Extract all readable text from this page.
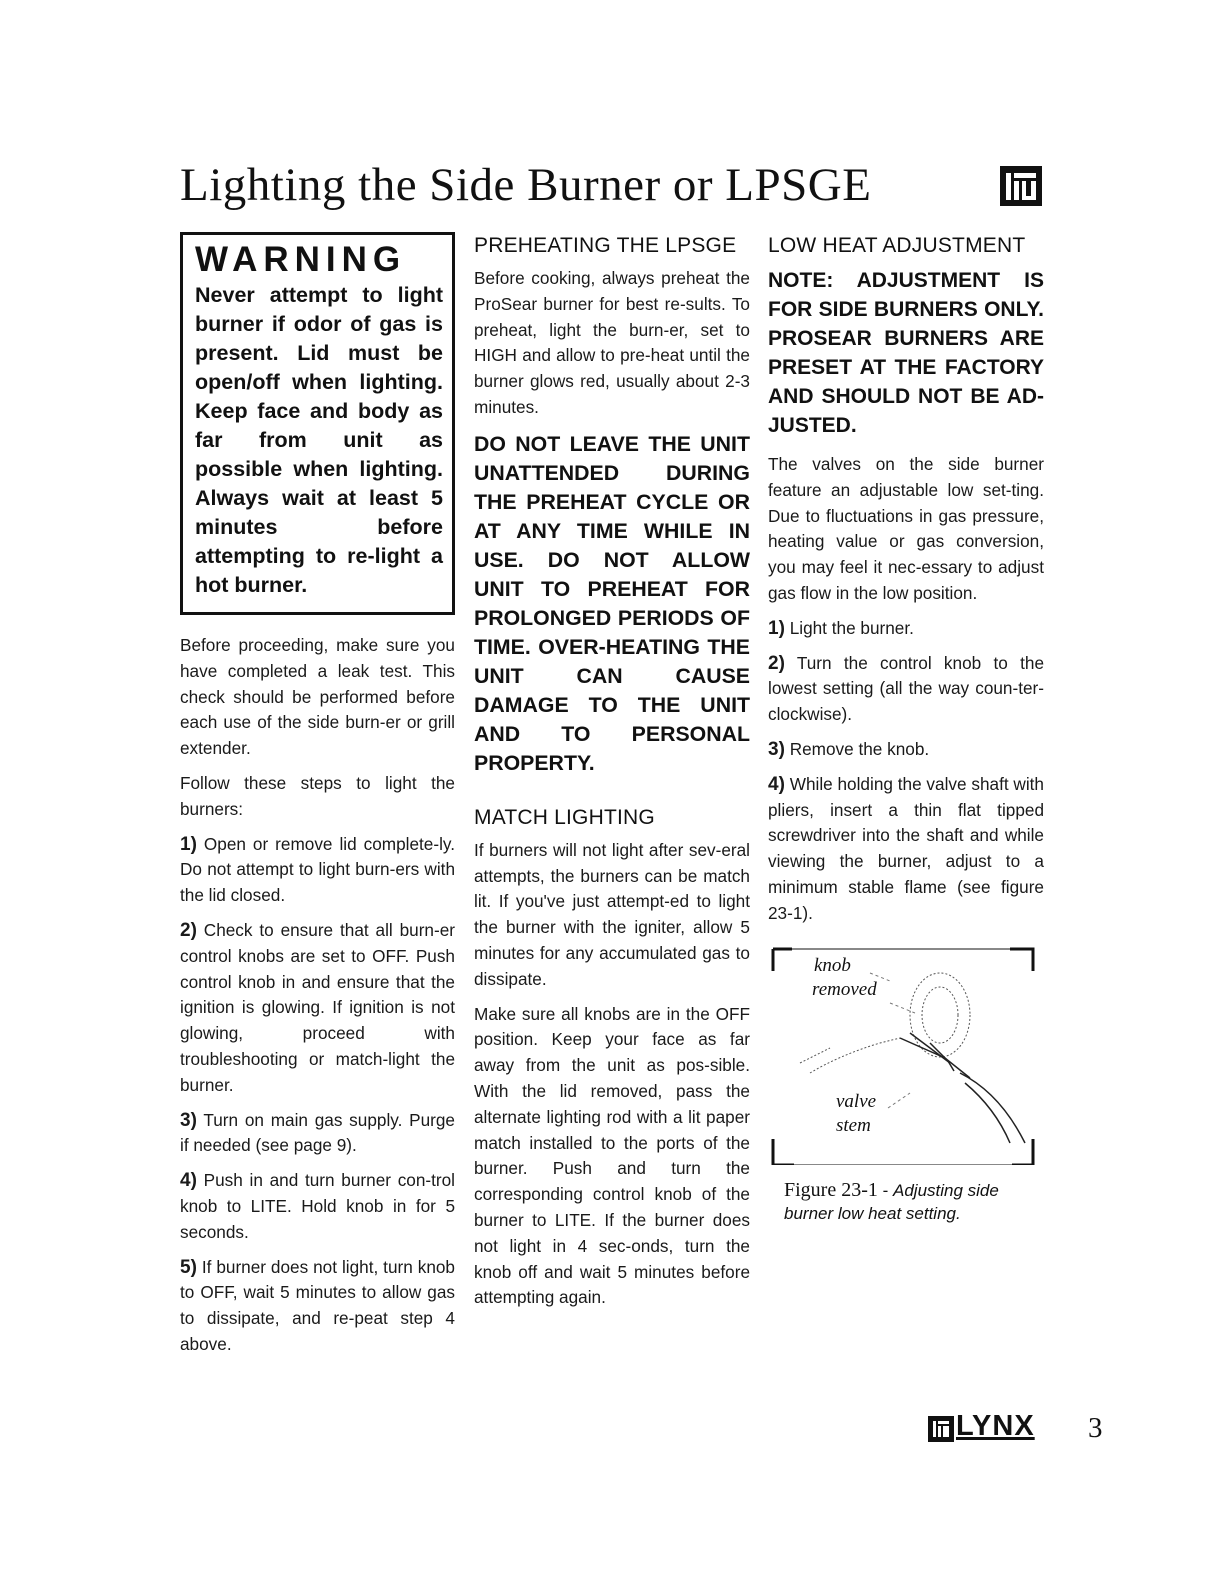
Lighting the Side Burner or LPSGE

WARNING

Never attempt to light burner if odor of gas is present. Lid must be open/off when lighting. Keep face and body as far from unit as possible when lighting. Always wait at least 5 minutes before attempting to re-light a hot burner.

Before proceeding, make sure you have completed a leak test. This check should be performed before each use of the side burn-er or grill extender.

Follow these steps to light the burners:

1) Open or remove lid complete-ly. Do not attempt to light burn-ers with the lid closed.

2) Check to ensure that all burn-er control knobs are set to OFF. Push control knob in and ensure that the ignition is glowing. If ignition is not glowing, proceed with troubleshooting or match-light the burner.

3) Turn on main gas supply. Purge if needed (see page 9).

4) Push in and turn burner con-trol knob to LITE. Hold knob in for 5 seconds.

5) If burner does not light, turn knob to OFF, wait 5 minutes to allow gas to dissipate, and re-peat step 4 above.

PREHEATING THE LPSGE

Before cooking, always preheat the ProSear burner for best re-sults. To preheat, light the burn-er, set to HIGH and allow to pre-heat until the burner glows red, usually about 2-3 minutes.

DO NOT LEAVE THE UNIT UNATTENDED DURING THE PREHEAT CYCLE OR AT ANY TIME WHILE IN USE. DO NOT ALLOW UNIT TO PREHEAT FOR PROLONGED PERIODS OF TIME. OVER-HEATING THE UNIT CAN CAUSE DAMAGE TO THE UNIT AND TO PERSONAL PROPERTY.

MATCH LIGHTING

If burners will not light after sev-eral attempts, the burners can be match lit. If you've just attempt-ed to light the burner with the igniter, allow 5 minutes for any accumulated gas to dissipate.

Make sure all knobs are in the OFF position. Keep your face as far away from the unit as pos-sible. With the lid removed, pass the alternate lighting rod with a lit paper match installed to the ports of the burner. Push and turn the corresponding control knob of the burner to LITE. If the burner does not light in 4 sec-onds, turn the knob off and wait 5 minutes before attempting again.

LOW HEAT ADJUSTMENT

NOTE: ADJUSTMENT IS FOR SIDE BURNERS ONLY. PROSEAR BURNERS ARE PRESET AT THE FACTORY AND SHOULD NOT BE AD-JUSTED.

The valves on the side burner feature an adjustable low set-ting. Due to fluctuations in gas pressure, heating value or gas conversion, you may feel it nec-essary to adjust gas flow in the low position.

1) Light the burner.

2) Turn the control knob to the lowest setting (all the way coun-ter-clockwise).

3) Remove the knob.

4) While holding the valve shaft with pliers, insert a thin flat tipped screwdriver into the shaft and while viewing the burner, adjust to a minimum stable flame (see figure 23-1).

knob
removed
valve
stem

Figure 23-1 - Adjusting side burner low heat setting.

LYNX 3
